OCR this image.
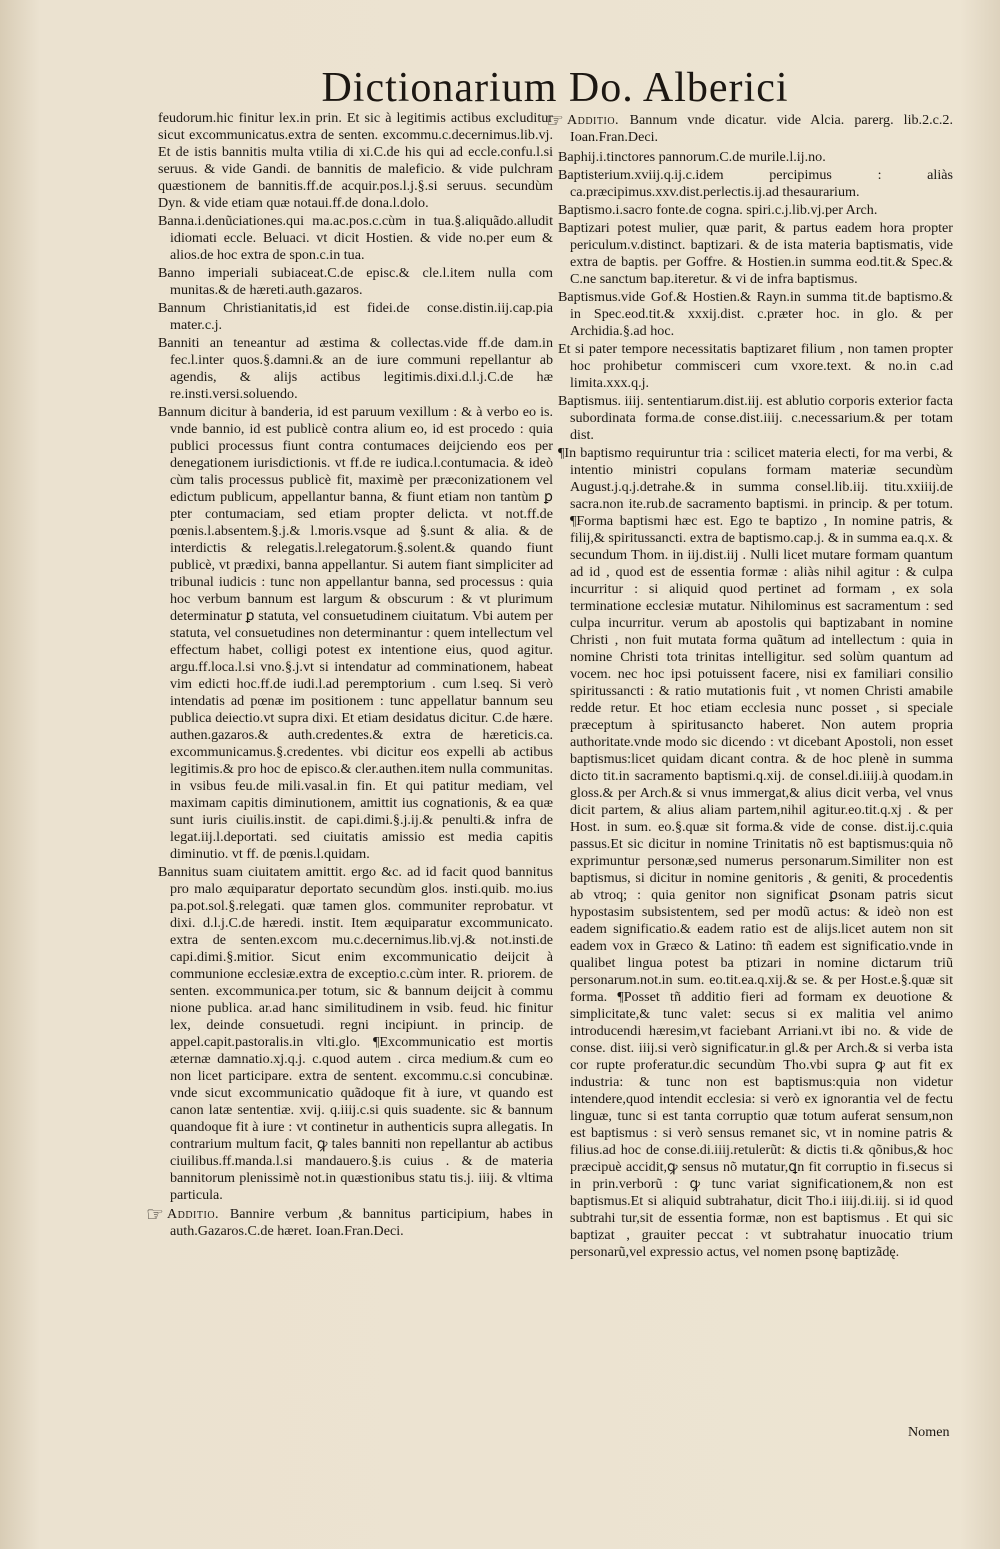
Dictionarium Do. Alberici

feudorum.hic finitur lex.in prin. Et sic à legitimis actibus excluditur sicut excommunicatus.extra de senten. excommu.c.decernimus.lib.vj. Et de istis bannitis multa vtilia di xi.C.de his qui ad eccle.confu.l.si seruus. & vide Gandi. de bannitis de maleficio. & vide pulchram quæstionem de bannitis.ff.de acquir.pos.l.j.§.si seruus. secundùm Dyn. & vide etiam quæ notaui.ff.de dona.l.dolo.

Banna.i.denũciationes.qui ma.ac.pos.c.cùm in tua.§.aliquãdo.alludit idiomati eccle. Beluaci. vt dicit Hostien. & vide no.per eum & alios.de hoc extra de spon.c.in tua.

Banno imperiali subiaceat.C.de episc.& cle.l.item nulla com munitas.& de hæreti.auth.gazaros.

Bannum Christianitatis,id est fidei.de conse.distin.iij.cap.pia mater.c.j.

Banniti an teneantur ad æstima & collectas.vide ff.de dam.in fec.l.inter quos.§.damni.& an de iure communi repellantur ab agendis, & alijs actibus legitimis.dixi.d.l.j.C.de hæ re.insti.versi.soluendo.

Bannum dicitur à banderia, id est paruum vexillum : & à verbo eo is. vnde bannio, id est publicè contra alium eo, id est procedo : quia publici processus fiunt contra contumaces deijciendo eos per denegationem iurisdictionis. vt ff.de re iudica.l.contumacia. & ideò cùm talis processus publicè fit, maximè per præconizationem vel edictum publicum, appellantur banna, & fiunt etiam non tantùm ꝑ pter contumaciam, sed etiam propter delicta. vt not.ff.de pœnis.l.absentem.§.j.& l.moris.vsque ad §.sunt & alia. & de interdictis & relegatis.l.relegatorum.§.solent.& quando fiunt publicè, vt prædixi, banna appellantur. Si autem fiant simpliciter ad tribunal iudicis : tunc non appellantur banna, sed processus : quia hoc verbum bannum est largum & obscurum : & vt plurimum determinatur ꝑ statuta, vel consuetudinem ciuitatum. Vbi autem per statuta, vel consuetudines non determinantur : quem intellectum vel effectum habet, colligi potest ex intentione eius, quod agitur. argu.ff.loca.l.si vno.§.j.vt si intendatur ad comminationem, habeat vim edicti hoc.ff.de iudi.l.ad peremptorium . cum l.seq. Si verò intendatis ad pœnæ im positionem : tunc appellatur bannum seu publica deiectio.vt supra dixi. Et etiam desidatus dicitur. C.de hære. authen.gazaros.& auth.credentes.& extra de hæreticis.ca. excommunicamus.§.credentes. vbi dicitur eos expelli ab actibus legitimis.& pro hoc de episco.& cler.authen.item nulla communitas. in vsibus feu.de mili.vasal.in fin. Et qui patitur mediam, vel maximam capitis diminutionem, amittit ius cognationis, & ea quæ sunt iuris ciuilis.instit. de capi.dimi.§.j.ij.& penulti.& infra de legat.iij.l.deportati. sed ciuitatis amissio est media capitis diminutio. vt ff. de pœnis.l.quidam.

Bannitus suam ciuitatem amittit. ergo &c. ad id facit quod bannitus pro malo æquiparatur deportato secundùm glos. insti.quib. mo.ius pa.pot.sol.§.relegati. quæ tamen glos. communiter reprobatur. vt dixi. d.l.j.C.de hæredi. instit. Item æquiparatur excommunicato. extra de senten.excom mu.c.decernimus.lib.vj.& not.insti.de capi.dimi.§.mitior. Sicut enim excommunicatio deijcit à communione ecclesiæ.extra de exceptio.c.cùm inter. R. priorem. de senten. excommunica.per totum, sic & bannum deijcit à commu nione publica. ar.ad hanc similitudinem in vsib. feud. hic finitur lex, deinde consuetudi. regni incipiunt. in princip. de appel.capit.pastoralis.in vlti.glo. ¶Excommunicatio est mortis æternæ damnatio.xj.q.j. c.quod autem . circa medium.& cum eo non licet participare. extra de sentent. excommu.c.si concubinæ. vnde sicut excommunicatio quãdoque fit à iure, vt quando est canon latæ sententiæ. xvij. q.iiij.c.si quis suadente. sic & bannum quandoque fit à iure : vt continetur in authenticis supra allegatis. In contrarium multum facit, ꝙ tales banniti non repellantur ab actibus ciuilibus.ff.manda.l.si mandauero.§.is cuius . & de materia bannitorum plenissimè not.in quæstionibus statu tis.j. iiij. & vltima particula.

☞ Additio. Bannire verbum ,& bannitus participium, habes in auth.Gazaros.C.de hæret. Ioan.Fran.Deci.

☞ Additio. Bannum vnde dicatur. vide Alcia. parerg. lib.2.c.2. Ioan.Fran.Deci.

Baphij.i.tinctores pannorum.C.de murile.l.ij.no.

Baptisterium.xviij.q.ij.c.idem percipimus : aliàs ca.præcipimus.xxv.dist.perlectis.ij.ad thesaurarium.

Baptismo.i.sacro fonte.de cogna. spiri.c.j.lib.vj.per Arch.

Baptizari potest mulier, quæ parit, & partus eadem hora propter periculum.v.distinct. baptizari. & de ista materia baptismatis, vide extra de baptis. per Goffre. & Hostien.in summa eod.tit.& Spec.& C.ne sanctum bap.iteretur. & vi de infra baptismus.

Baptismus.vide Gof.& Hostien.& Rayn.in summa tit.de baptismo.& in Spec.eod.tit.& xxxij.dist. c.præter hoc. in glo. & per Archidia.§.ad hoc.

Et si pater tempore necessitatis baptizaret filium , non tamen propter hoc prohibetur commisceri cum vxore.text. & no.in c.ad limita.xxx.q.j.

Baptismus. iiij. sententiarum.dist.iij. est ablutio corporis exterior facta subordinata forma.de conse.dist.iiij. c.necessarium.& per totam dist.

¶In baptismo requiruntur tria : scilicet materia electi, for ma verbi, & intentio ministri copulans formam materiæ secundùm August.j.q.j.detrahe.& in summa consel.lib.iij. titu.xxiiij.de sacra.non ite.rub.de sacramento baptismi. in princip. & per totum. ¶Forma baptismi hæc est. Ego te baptizo , In nomine patris, & filij,& spiritussancti. extra de baptismo.cap.j. & in summa ea.q.x. & secundum Thom. in iij.dist.iij . Nulli licet mutare formam quantum ad id , quod est de essentia formæ : aliàs nihil agitur : & culpa incurritur : si aliquid quod pertinet ad formam , ex sola terminatione ecclesiæ mutatur. Nihilominus est sacramentum : sed culpa incurritur. verum ab apostolis qui baptizabant in nomine Christi , non fuit mutata forma quãtum ad intellectum : quia in nomine Christi tota trinitas intelligitur. sed solùm quantum ad vocem. nec hoc ipsi potuissent facere, nisi ex familiari consilio spiritussancti : & ratio mutationis fuit , vt nomen Christi amabile redde retur. Et hoc etiam ecclesia nunc posset , si speciale præceptum à spiritusancto haberet. Non autem propria authoritate.vnde modo sic dicendo : vt dicebant Apostoli, non esset baptismus:licet quidam dicant contra. & de hoc plenè in summa dicto tit.in sacramento baptismi.q.xij. de consel.di.iiij.à quodam.in gloss.& per Arch.& si vnus immergat,& alius dicit verba, vel vnus dicit partem, & alius aliam partem,nihil agitur.eo.tit.q.xj . & per Host. in sum. eo.§.quæ sit forma.& vide de conse. dist.ij.c.quia passus.Et sic dicitur in nomine Trinitatis nõ est baptismus:quia nõ exprimuntur personæ,sed numerus personarum.Similiter non est baptismus, si dicitur in nomine genitoris , & geniti, & procedentis ab vtroq; : quia genitor non significat ꝑsonam patris sicut hypostasim subsistentem, sed per modũ actus: & ideò non est eadem significatio.& eadem ratio est de alijs.licet autem non sit eadem vox in Græco & Latino: tñ eadem est significatio.vnde in qualibet lingua potest ba ptizari in nomine dictarum triũ personarum.not.in sum. eo.tit.ea.q.xij.& se. & per Host.e.§.quæ sit forma. ¶Posset tñ additio fieri ad formam ex deuotione & simplicitate,& tunc valet: secus si ex malitia vel animo introducendi hæresim,vt faciebant Arriani.vt ibi no. & vide de conse. dist. iiij.si verò significatur.in gl.& per Arch.& si verba ista cor rupte proferatur.dic secundùm Tho.vbi supra ꝙ aut fit ex industria: & tunc non est baptismus:quia non videtur intendere,quod intendit ecclesia: si verò ex ignorantia vel de fectu linguæ, tunc si est tanta corruptio quæ totum auferat sensum,non est baptismus : si verò sensus remanet sic, vt in nomine patris & filius.ad hoc de conse.di.iiij.retulerũt: & dictis ti.& qõnibus,& hoc præcipuè accidit,ꝙ sensus nõ mutatur,ꝗn fit corruptio in fi.secus si in prin.verborũ : ꝙ tunc variat significationem,& non est baptismus.Et si aliquid subtrahatur, dicit Tho.i iiij.di.iij. si id quod subtrahi tur,sit de essentia formæ, non est baptismus . Et qui sic baptizat , grauiter peccat : vt subtrahatur inuocatio trium personarũ,vel expressio actus, vel nomen psonę baptizãdę.

Nomen
